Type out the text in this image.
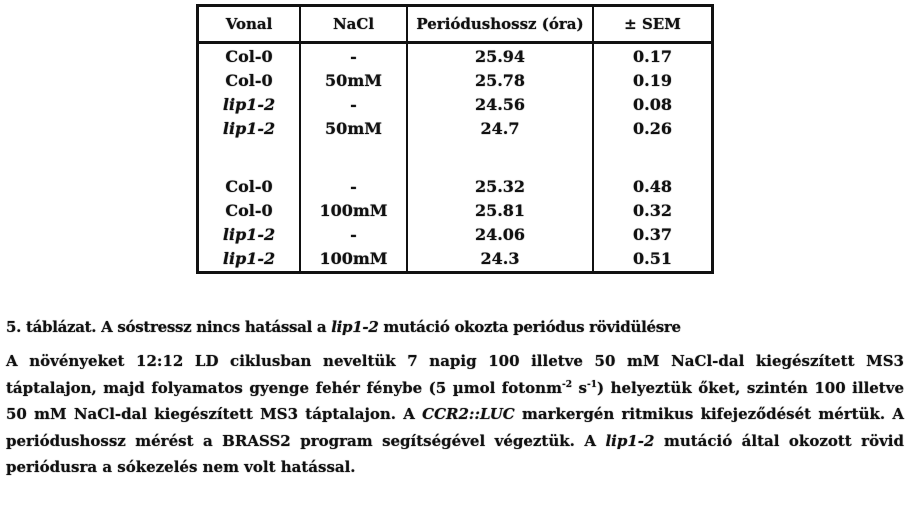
Vonal	NaCl	Periódushossz (óra)	± SEM
Col-0	-	25.94	0.17
Col-0	50mM	25.78	0.19
lip1-2	-	24.56	0.08
lip1-2	50mM	24.7	0.26

Col-0	-	25.32	0.48
Col-0	100mM	25.81	0.32
lip1-2	-	24.06	0.37
lip1-2	100mM	24.3	0.51
5. táblázat. A sóstressz nincs hatással a lip1-2 mutáció okozta periódus rövidülésre
A növényeket 12:12 LD ciklusban neveltük 7 napig 100 illetve 50 mM NaCl-dal kiegészített MS3 táptalajon, majd folyamatos gyenge fehér fénybe (5 µmol fotonm$^{-2}$ $s^{-1}$) helyeztük őket, szintén 100 illetve 50 mM NaCl-dal kiegészített MS3 táptalajon. A CCR2::LUC markergén ritmikus kifejeződését mértük. A periódushossz mérést a BRASS2 program segítségével végeztük. A lip1-2 mutáció által okozott rövid periódusra a sókezelés nem volt hatással.
